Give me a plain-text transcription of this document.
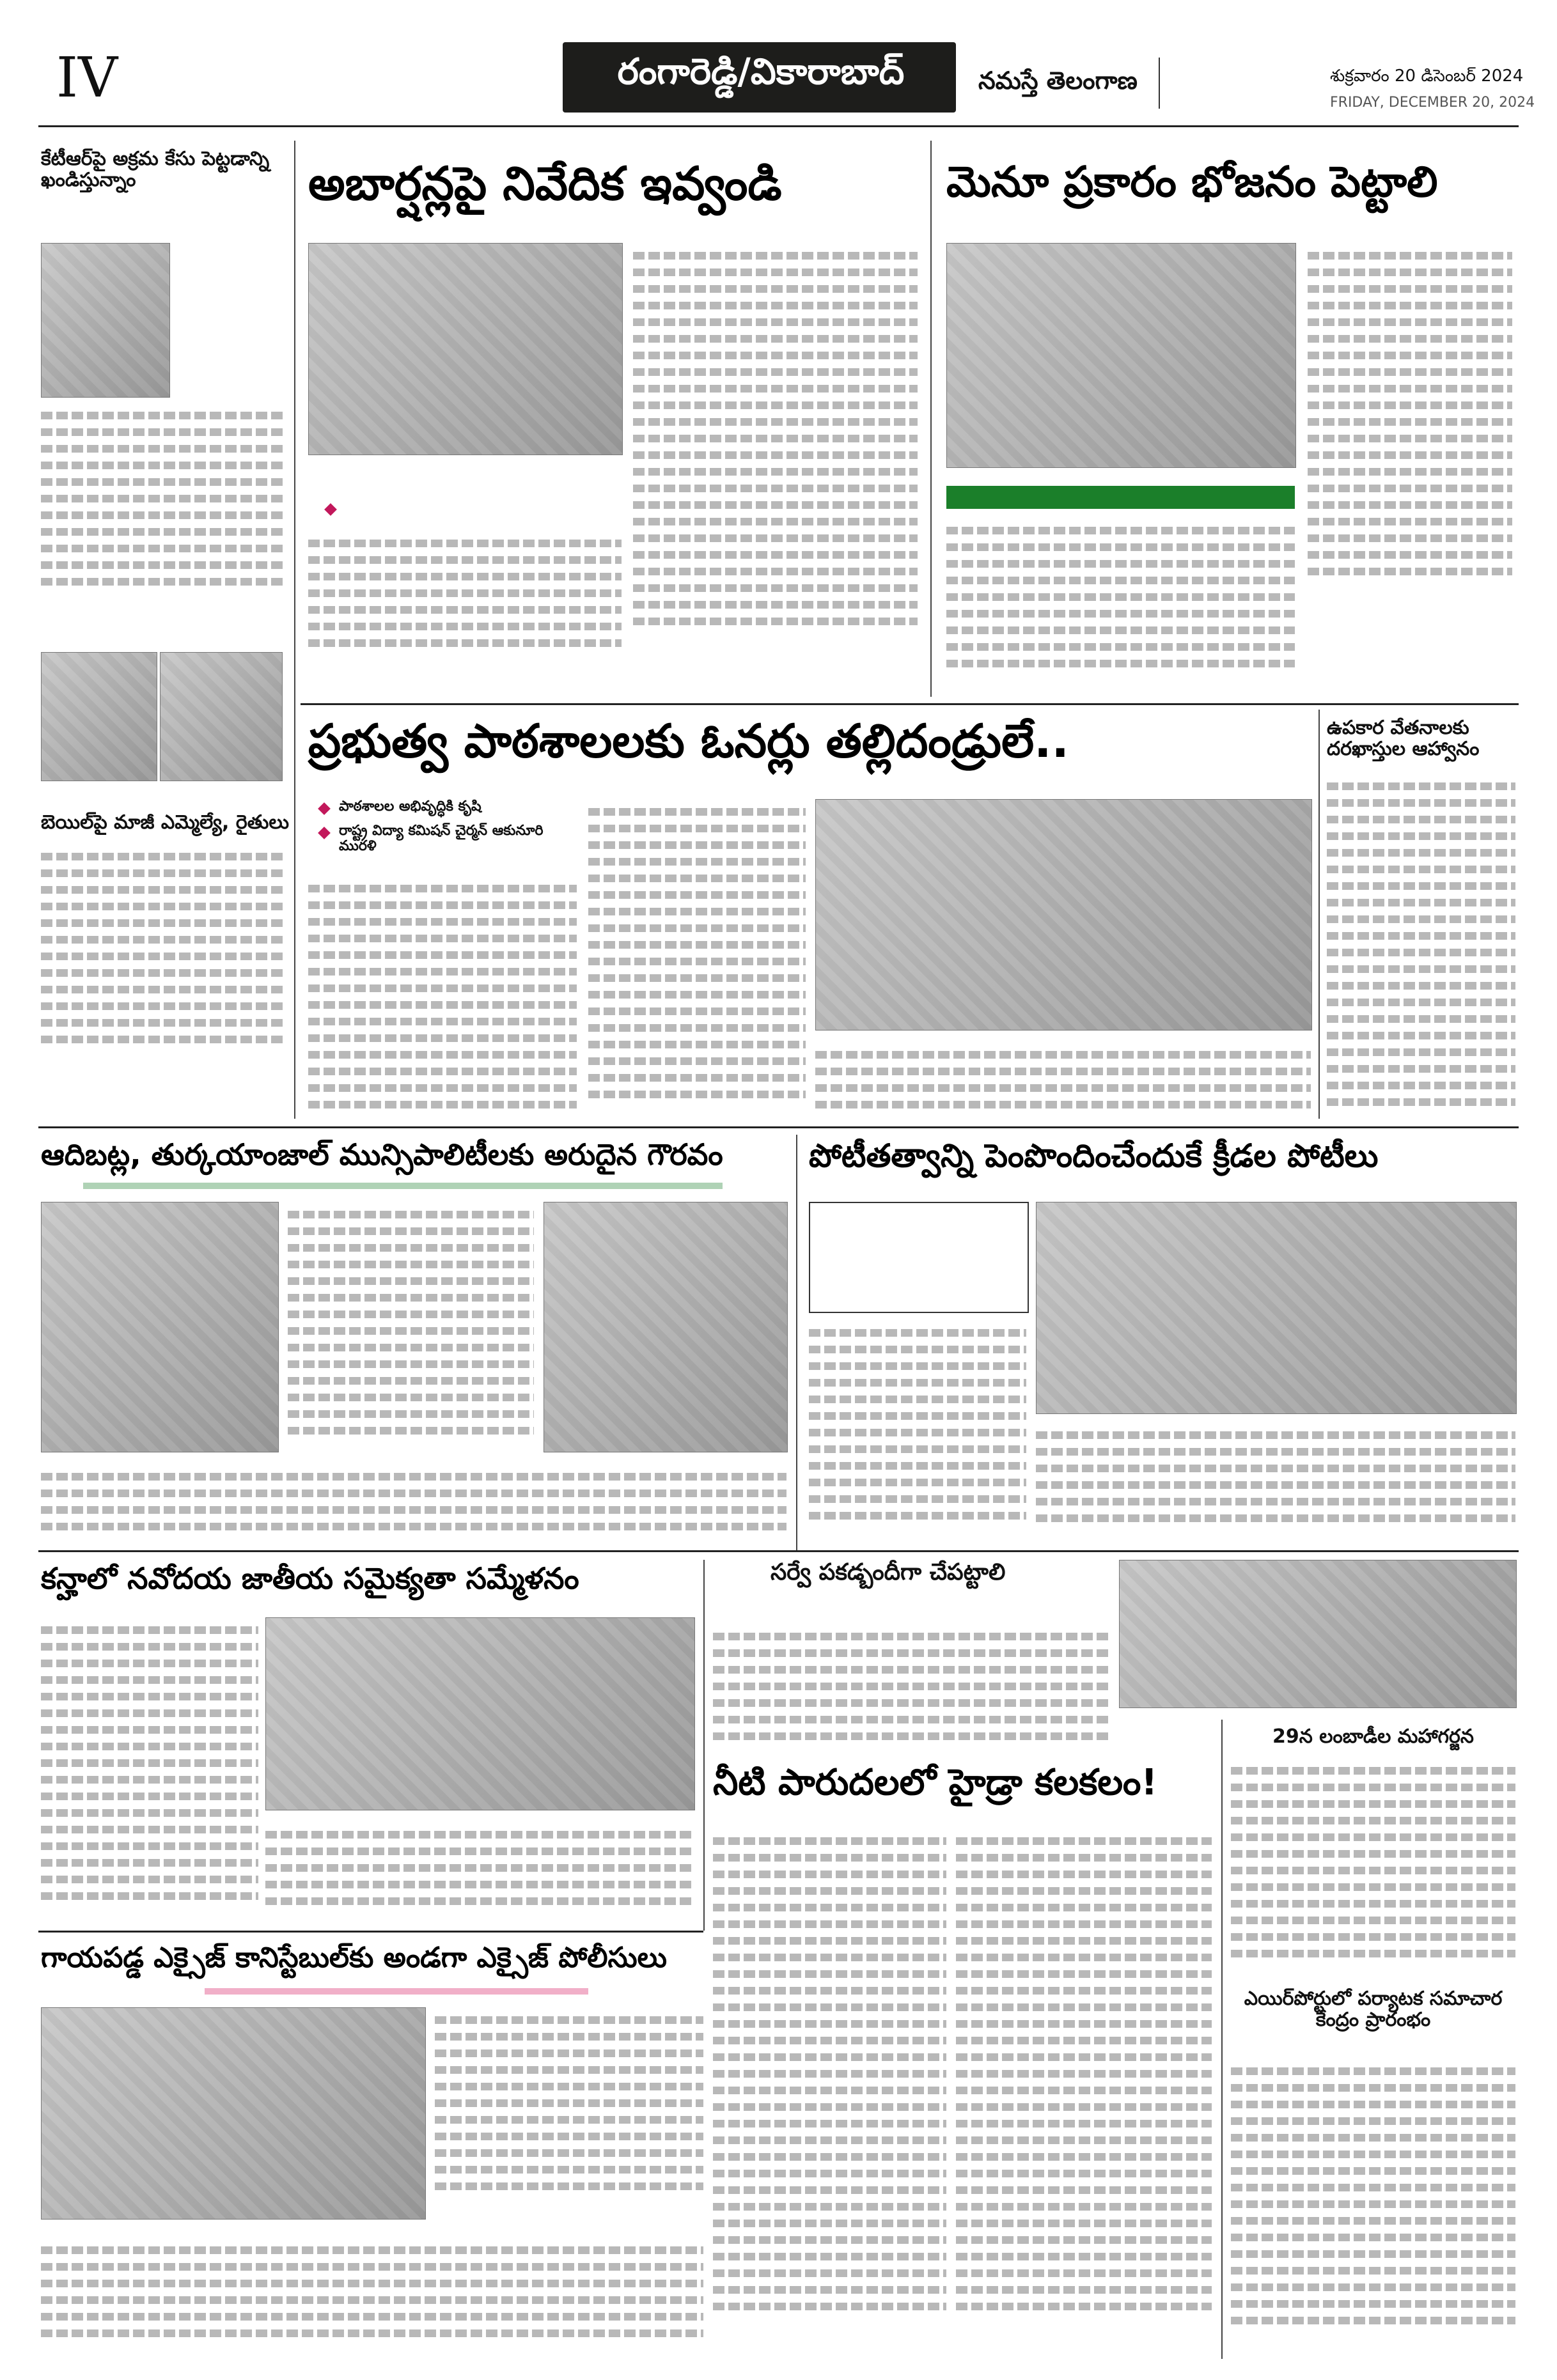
IV	రంగారెడ్డి/వికారాబాద్	నమస్తే తెలంగాణ	శుక్రవారం 20 డిసెంబర్ 2024
FRIDAY, DECEMBER 20, 2024
కేటీఆర్‌పై అక్రమ కేసు పెట్టడాన్ని ఖండిస్తున్నాం
బెయిల్‌పై మాజీ ఎమ్మెల్యే, రైతులు
అబార్షన్లపై నివేదిక ఇవ్వండి	మెనూ ప్రకారం భోజనం పెట్టాలి
ప్రభుత్వ పాఠశాలలకు ఓనర్లు తల్లిదండ్రులే..
పాఠశాలల అభివృద్ధికి కృషి
రాష్ట్ర విద్యా కమిషన్ చైర్మన్ ఆకునూరి మురళి
ఉపకార వేతనాలకు దరఖాస్తుల ఆహ్వానం
ఆదిబట్ల, తుర్కయాంజాల్ మున్సిపాలిటీలకు అరుదైన గౌరవం	పోటీతత్వాన్ని పెంపొందించేందుకే క్రీడల పోటీలు
కన్హాలో నవోదయ జాతీయ సమైక్యతా సమ్మేళనం	సర్వే పకడ్బందీగా చేపట్టాలి
నీటి పారుదలలో హైడ్రా కలకలం!
29న లంబాడీల మహాగర్జన
ఎయిర్‌పోర్టులో పర్యాటక సమాచార కేంద్రం ప్రారంభం
గాయపడ్డ ఎక్సైజ్ కానిస్టేబుల్‌కు అండగా ఎక్సైజ్ పోలీసులు
